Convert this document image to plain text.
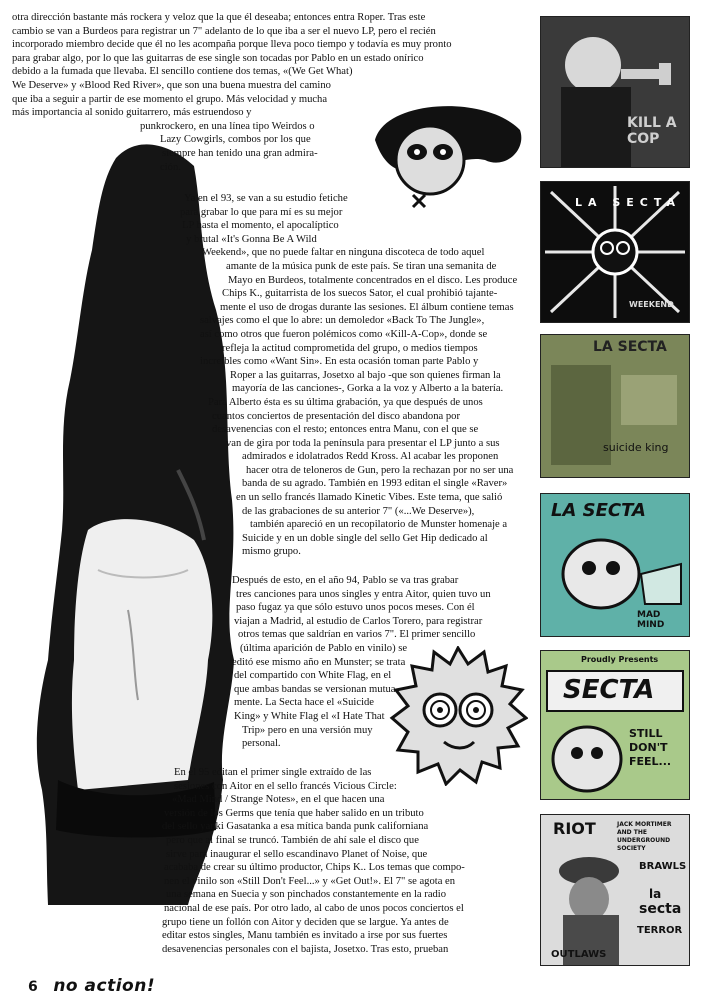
otra dirección bastante más rockera y veloz que la que él deseaba; entonces entra Roper. Tras este
cambio se van a Burdeos para registrar un 7" adelanto de lo que iba a ser el nuevo LP, pero el recién
incorporado miembro decide que él no les acompaña porque lleva poco tiempo y todavía es muy pronto
para grabar algo, por lo que las guitarras de ese single son tocadas por Pablo en un estado onírico
debido a la fumada que llevaba. El sencillo contiene dos temas, «(We Get What)
We Deserve» y «Blood Red River», que son una buena muestra del camino
que iba a seguir a partir de ese momento el grupo. Más velocidad y mucha
más importancia al sonido guitarrero, más estruendoso y
punkrockero, en una línea tipo Weirdos o
Lazy Cowgirls, combos por los que
siempre han tenido una gran admira-
ción.
Ya en el 93, se van a su estudio fetiche
para grabar lo que para mí es su mejor
LP hasta el momento, el apocalíptico
y brutal «It's Gonna Be A Wild
Weekend», que no puede faltar en ninguna discoteca de todo aquel
amante de la música punk de este país. Se tiran una semanita de
Mayo en Burdeos, totalmente concentrados en el disco. Les produce
Chips K., guitarrista de los suecos Sator, el cual prohibió tajante-
mente el uso de drogas durante las sesiones. El álbum contiene temas
salvajes como el que lo abre: un demoledor «Back To The Jungle»,
así como otros que fueron polémicos como «Kill-A-Cop», donde se
refleja la actitud comprometida del grupo, o medios tiempos
increíbles como «Want Sin». En esta ocasión toman parte Pablo y
Roper a las guitarras, Josetxo al bajo -que son quienes firman la
mayoría de las canciones-, Gorka a la voz y Alberto a la batería.
Para Alberto ésta es su última grabación, ya que después de unos
cuantos conciertos de presentación del disco abandona por
desavenencias con el resto; entonces entra Manu, con el que se
van de gira por toda la península para presentar el LP junto a sus
admirados e idolatrados Redd Kross. Al acabar les proponen
hacer otra de teloneros de Gun, pero la rechazan por no ser una
banda de su agrado. También en 1993 editan el single «Raver»
en un sello francés llamado Kinetic Vibes. Este tema, que salió
de las grabaciones de su anterior 7" («...We Deserve»),
también apareció en un recopilatorio de Munster homenaje a
Suicide y en un doble single del sello Get Hip dedicado al
mismo grupo.
Después de esto, en el año 94, Pablo se va tras grabar
tres canciones para unos singles y entra Aitor, quien tuvo un
paso fugaz ya que sólo estuvo unos pocos meses. Con él
viajan a Madrid, al estudio de Carlos Torero, para registrar
otros temas que saldrían en varios 7". El primer sencillo
(última aparición de Pablo en vinilo) se
editó ese mismo año en Munster; se trata
del compartido con White Flag, en el
que ambas bandas se versionan mutua-
mente. La Secta hace el «Suicide
King» y White Flag el «I Hate That
Trip» pero en una versión muy
personal.
En el 95 editan el primer single extraído de las
sesiones con Aitor en el sello francés Vicious Circle:
«Mad Mind / Strange Notes», en el que hacen una
versión de los Germs que tenía que haber salido en un tributo
del sello yanki Gasatanka a esa mítica banda punk californiana
pero que al final se truncó. También de ahí sale el disco que
sirve para inaugurar el sello escandinavo Planet of Noise, que
acababa de crear su último productor, Chips K.. Los temas que compo-
nen el vinilo son «Still Don't Feel...» y «Get Out!». El 7" se agota en
una semana en Suecia y son pinchados constantemente en la radio
nacional de ese país. Por otro lado, al cabo de unos pocos conciertos el
grupo tiene un follón con Aitor y deciden que se largue. Ya antes de
editar estos singles, Manu también es invitado a irse por sus fuertes
desavenencias personales con el bajista, Josetxo. Tras esto, prueban
KILL A COP
LA SECTA
WEEKEND
LA SECTA
suicide king
LA SECTA
MAD MIND
Proudly Presents
SECTA
STILL DON'T FEEL...
RIOT	JACK MORTIMER AND THE UNDERGROUND SOCIETY
BRAWLS
la
secta
TERROR
OUTLAWS
6 no action!
